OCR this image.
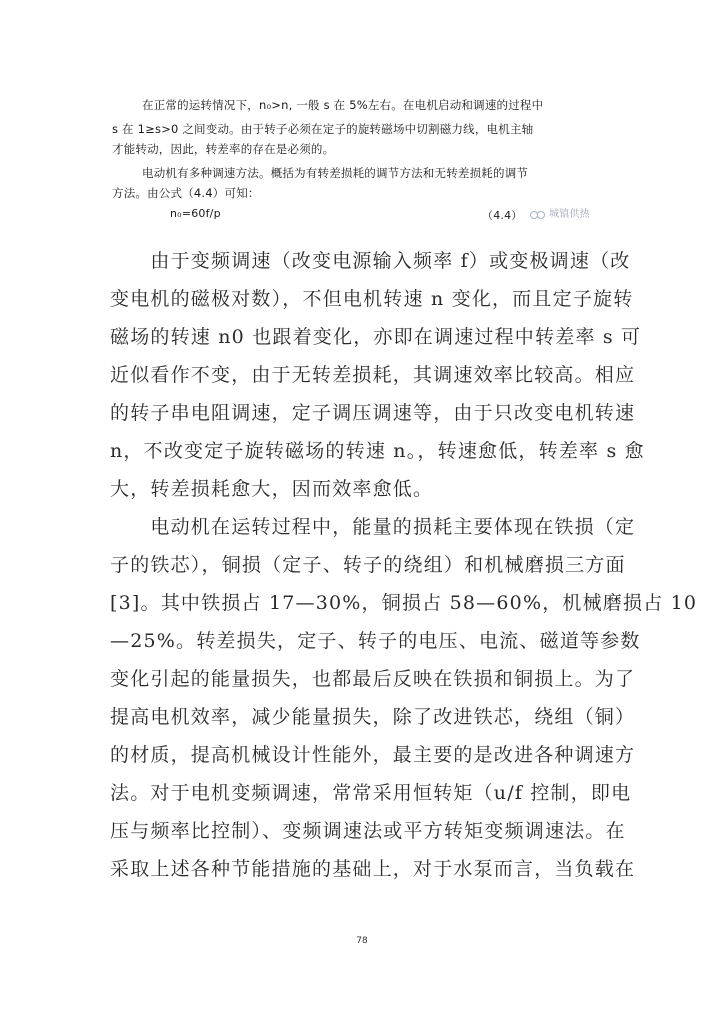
在正常的运转情况下，n₀>n, 一般 s 在 5%左右。在电机启动和调速的过程中
s 在 1≥s>0 之间变动。由于转子必须在定子的旋转磁场中切割磁力线，电机主轴
才能转动，因此，转差率的存在是必须的。
电动机有多种调速方法。概括为有转差损耗的调节方法和无转差损耗的调节
方法。由公式（4.4）可知：
n₀=60f/p	（4.4）	城镇供热
　　由于变频调速（改变电源输入频率 f）或变极调速（改
变电机的磁极对数），不但电机转速 n 变化，而且定子旋转
磁场的转速 n0 也跟着变化，亦即在调速过程中转差率 s 可
近似看作不变，由于无转差损耗，其调速效率比较高。相应
的转子串电阻调速，定子调压调速等，由于只改变电机转速
n，不改变定子旋转磁场的转速 n。，转速愈低，转差率 s 愈
大，转差损耗愈大，因而效率愈低。
　　电动机在运转过程中，能量的损耗主要体现在铁损（定
子的铁芯），铜损（定子、转子的绕组）和机械磨损三方面
[3]。其中铁损占 17—30%，铜损占 58—60%，机械磨损占 10
—25%。转差损失，定子、转子的电压、电流、磁道等参数
变化引起的能量损失，也都最后反映在铁损和铜损上。为了
提高电机效率，减少能量损失，除了改进铁芯，绕组（铜）
的材质，提高机械设计性能外，最主要的是改进各种调速方
法。对于电机变频调速，常常采用恒转矩（u/f 控制，即电
压与频率比控制）、变频调速法或平方转矩变频调速法。在
采取上述各种节能措施的基础上，对于水泵而言，当负载在
78
